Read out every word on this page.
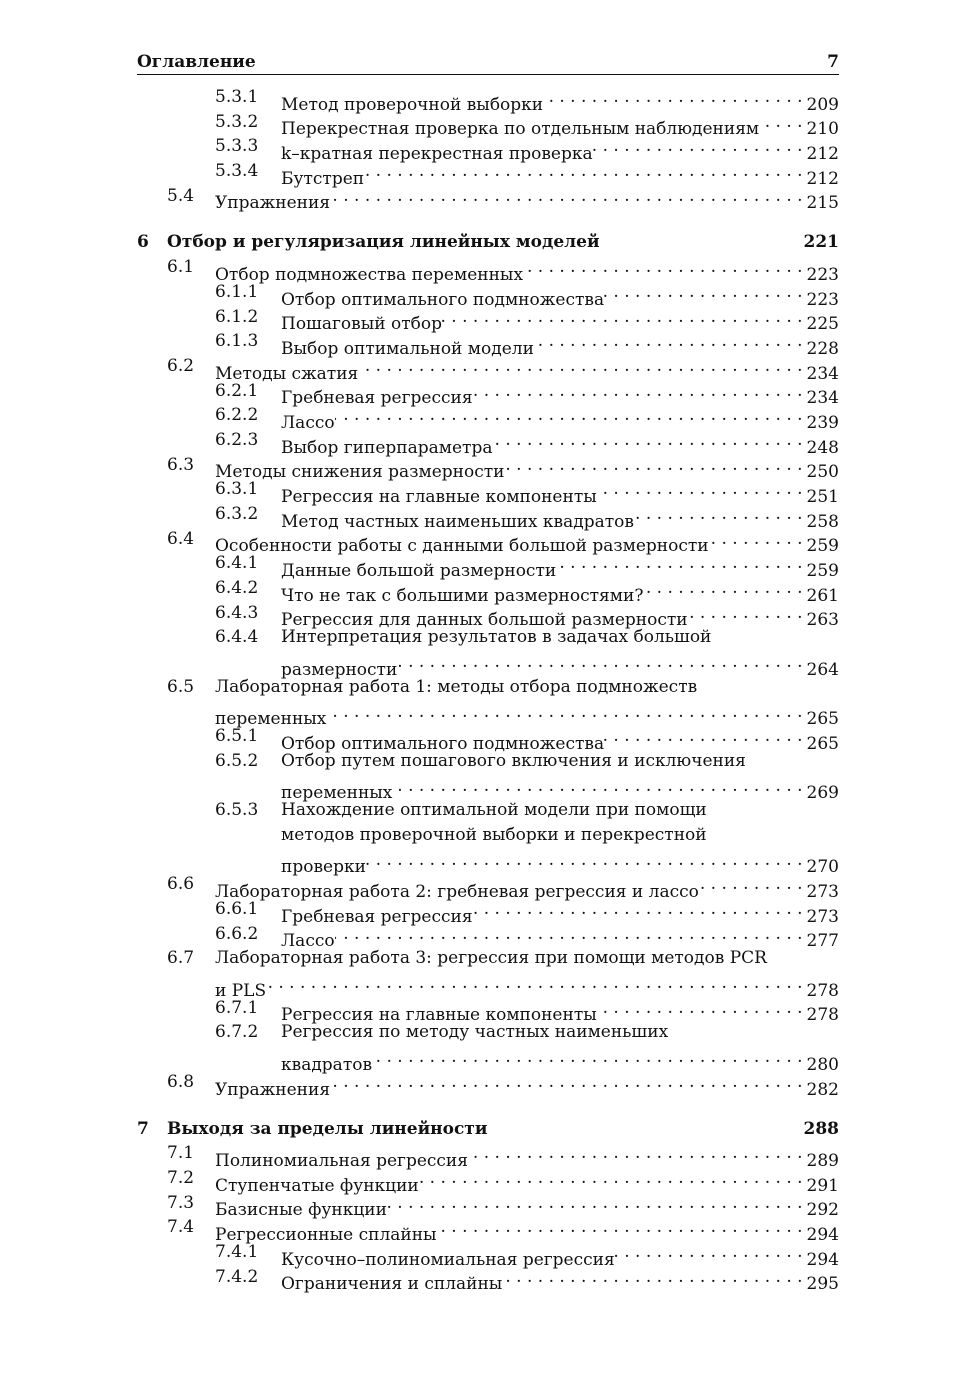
Оглавление	7
5.3.1 Метод проверочной выборки . . .	209
5.3.2 Перекрестная проверка по отдельным наблюдениям . . .	210
5.3.3 k–кратная перекрестная проверка . . .	212
5.3.4 Бутстреп . . .	212
5.4 Упражнения . . .	215
6 Отбор и регуляризация линейных моделей	221
6.1 Отбор подмножества переменных . . .	223
6.1.1 Отбор оптимального подмножества . . .	223
6.1.2 Пошаговый отбор . . .	225
6.1.3 Выбор оптимальной модели . . .	228
6.2 Методы сжатия . . .	234
6.2.1 Гребневая регрессия . . .	234
6.2.2 Лассо . . .	239
6.2.3 Выбор гиперпараметра . . .	248
6.3 Методы снижения размерности . . .	250
6.3.1 Регрессия на главные компоненты . . .	251
6.3.2 Метод частных наименьших квадратов . . .	258
6.4 Особенности работы с данными большой размерности . . .	259
6.4.1 Данные большой размерности . . .	259
6.4.2 Что не так с большими размерностями? . . .	261
6.4.3 Регрессия для данных большой размерности . . .	263
6.4.4 Интерпретация результатов в задачах большой
размерности . . .	264
6.5 Лабораторная работа 1: методы отбора подмножеств
переменных . . .	265
6.5.1 Отбор оптимального подмножества . . .	265
6.5.2 Отбор путем пошагового включения и исключения
переменных . . .	269
6.5.3 Нахождение оптимальной модели при помощи
методов проверочной выборки и перекрестной
проверки . . .	270
6.6 Лабораторная работа 2: гребневая регрессия и лассо . . .	273
6.6.1 Гребневая регрессия . . .	273
6.6.2 Лассо . . .	277
6.7 Лабораторная работа 3: регрессия при помощи методов PCR
и PLS . . .	278
6.7.1 Регрессия на главные компоненты . . .	278
6.7.2 Регрессия по методу частных наименьших
квадратов . . .	280
6.8 Упражнения . . .	282
7 Выходя за пределы линейности	288
7.1 Полиномиальная регрессия . . .	289
7.2 Ступенчатые функции . . .	291
7.3 Базисные функции . . .	292
7.4 Регрессионные сплайны . . .	294
7.4.1 Кусочно–полиномиальная регрессия . . .	294
7.4.2 Ограничения и сплайны . . .	295
